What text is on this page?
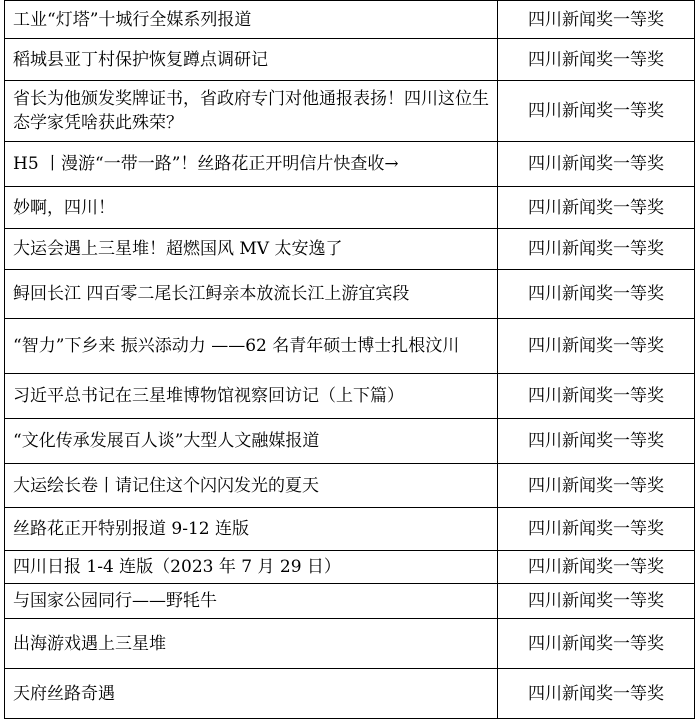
工业“灯塔”十城行全媒系列报道	四川新闻奖一等奖
稻城县亚丁村保护恢复蹲点调研记	四川新闻奖一等奖
省长为他颁发奖牌证书，省政府专门对他通报表扬！四川这位生态学家凭啥获此殊荣？	四川新闻奖一等奖
H5 丨漫游“一带一路”！丝路花正开明信片快查收→	四川新闻奖一等奖
妙啊，四川！	四川新闻奖一等奖
大运会遇上三星堆！超燃国风 MV 太安逸了	四川新闻奖一等奖
鲟回长江 四百零二尾长江鲟亲本放流长江上游宜宾段	四川新闻奖一等奖
“智力”下乡来 振兴添动力 ——62 名青年硕士博士扎根汶川	四川新闻奖一等奖
习近平总书记在三星堆博物馆视察回访记（上下篇）	四川新闻奖一等奖
“文化传承发展百人谈”大型人文融媒报道	四川新闻奖一等奖
大运绘长卷丨请记住这个闪闪发光的夏天	四川新闻奖一等奖
丝路花正开特别报道 9-12 连版	四川新闻奖一等奖
四川日报 1-4 连版（2023 年 7 月 29 日）	四川新闻奖一等奖
与国家公园同行——野牦牛	四川新闻奖一等奖
出海游戏遇上三星堆	四川新闻奖一等奖
天府丝路奇遇	四川新闻奖一等奖
